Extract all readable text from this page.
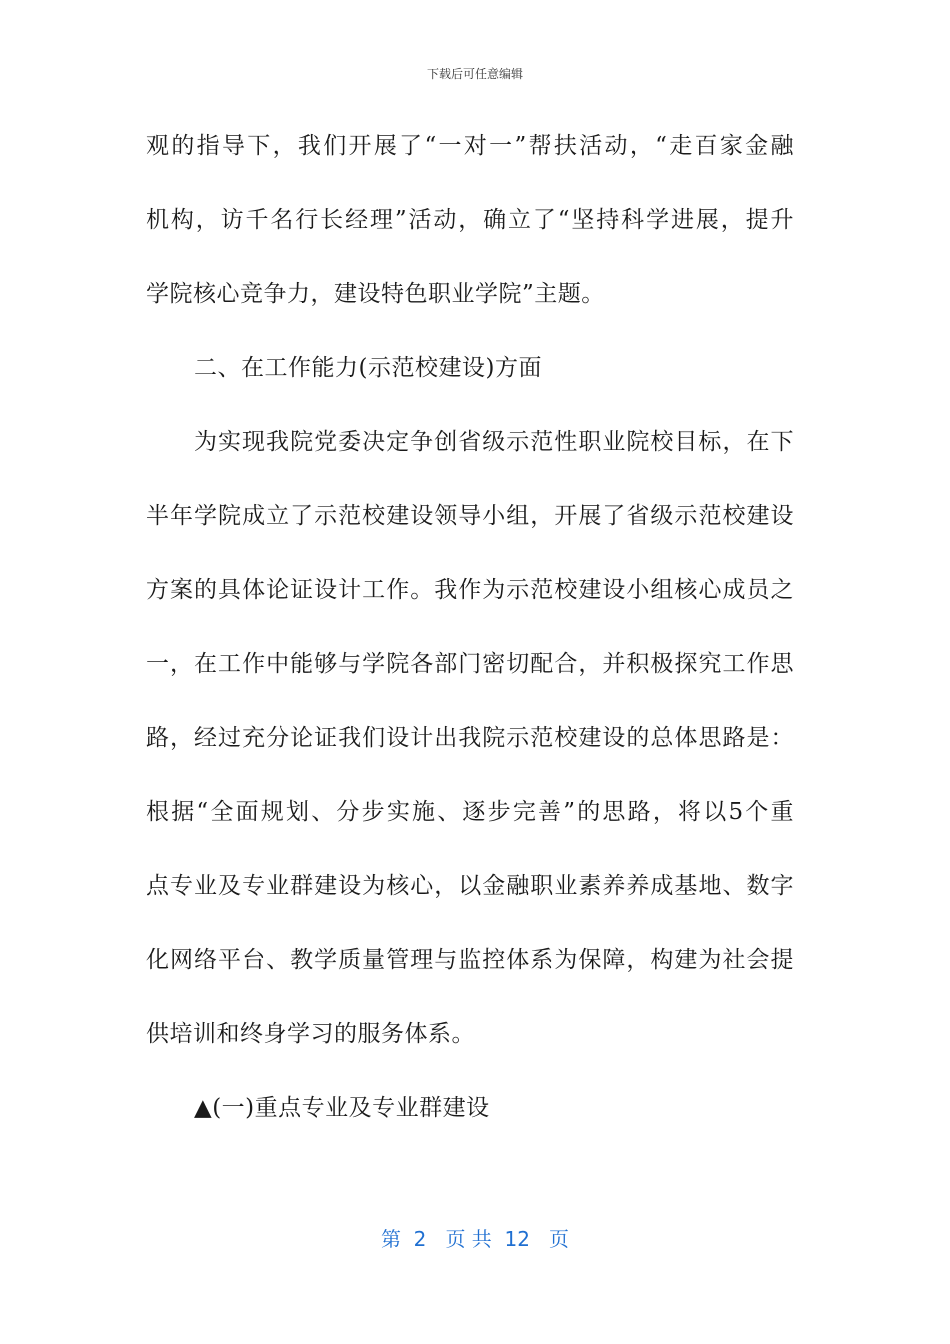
下载后可任意编辑
观的指导下，我们开展了“一对一”帮扶活动，“走百家金融
机构，访千名行长经理”活动，确立了“坚持科学进展，提升
学院核心竞争力，建设特色职业学院”主题。
二、在工作能力(示范校建设)方面
为实现我院党委决定争创省级示范性职业院校目标，在下
半年学院成立了示范校建设领导小组，开展了省级示范校建设
方案的具体论证设计工作。我作为示范校建设小组核心成员之
一，在工作中能够与学院各部门密切配合，并积极探究工作思
路，经过充分论证我们设计出我院示范校建设的总体思路是：
根据“全面规划、分步实施、逐步完善”的思路，将以5个重
点专业及专业群建设为核心，以金融职业素养养成基地、数字
化网络平台、教学质量管理与监控体系为保障，构建为社会提
供培训和终身学习的服务体系。
▲(一)重点专业及专业群建设
第  2   页 共  12   页
